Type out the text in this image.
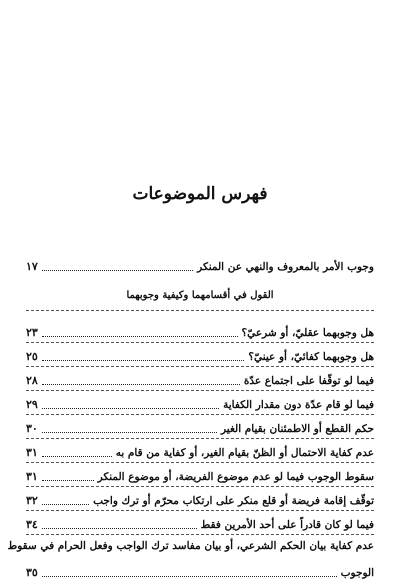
فهرس الموضوعات
وجوب الأمر بالمعروف والنهي عن المنكر
١٧
القول في أقسامهما وكيفية وجوبهما
هل وجوبهما عقليّ، أو شرعيّ؟
٢٣
هل وجوبهما كفائيّ، أو عينيّ؟
٢٥
فيما لو توقّفا على اجتماع عدّة
٢٨
فيما لو قام عدّة دون مقدار الكفاية
٢٩
حكم القطع أو الاطمئنان بقيام الغير
٣٠
عدم كفاية الاحتمال أو الظنّ بقيام الغير، أو كفاية من قام به
٣١
سقوط الوجوب فيما لو عدم موضوع الفريضة، أو موضوع المنكر
٣١
توقّف إقامة فريضة أو قلع منكر على ارتكاب محرّم أو ترك واجب
٣٢
فيما لو كان قادراً على أحد الأمرين فقط
٣٤
عدم كفاية بيان الحكم الشرعي، أو بيان مفاسد ترك الواجب وفعل الحرام في سقوط
الوجوب
٣٥
